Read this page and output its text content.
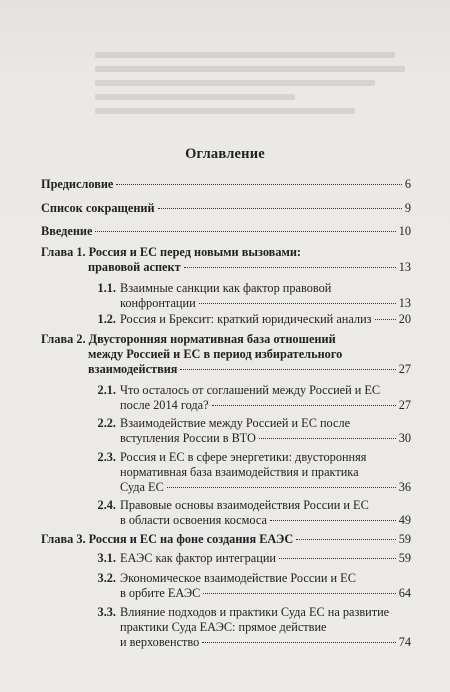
Оглавление
Предисловие	6
Список сокращений	9
Введение	10
Глава 1. Россия и ЕС перед новыми вызовами:
правовой аспект	13
1.1. Взаимные санкции как фактор правовой
конфронтации	13
1.2. Россия и Брексит: краткий юридический анализ 20
Глава 2. Двусторонняя нормативная база отношений
между Россией и ЕС в период избирательного
взаимодействия	27
2.1. Что осталось от соглашений между Россией и ЕС
после 2014 года?	27
2.2. Взаимодействие между Россией и ЕС после
вступления России в ВТО	30
2.3. Россия и ЕС в сфере энергетики: двусторонняя
нормативная база взаимодействия и практика
Суда ЕС	36
2.4. Правовые основы взаимодействия России и ЕС
в области освоения космоса	49
Глава 3. Россия и ЕС на фоне создания ЕАЭС	59
3.1. ЕАЭС как фактор интеграции	59
3.2. Экономическое взаимодействие России и ЕС
в орбите ЕАЭС	64
3.3. Влияние подходов и практики Суда ЕС на развитие
практики Суда ЕАЭС: прямое действие
и верховенство	74
